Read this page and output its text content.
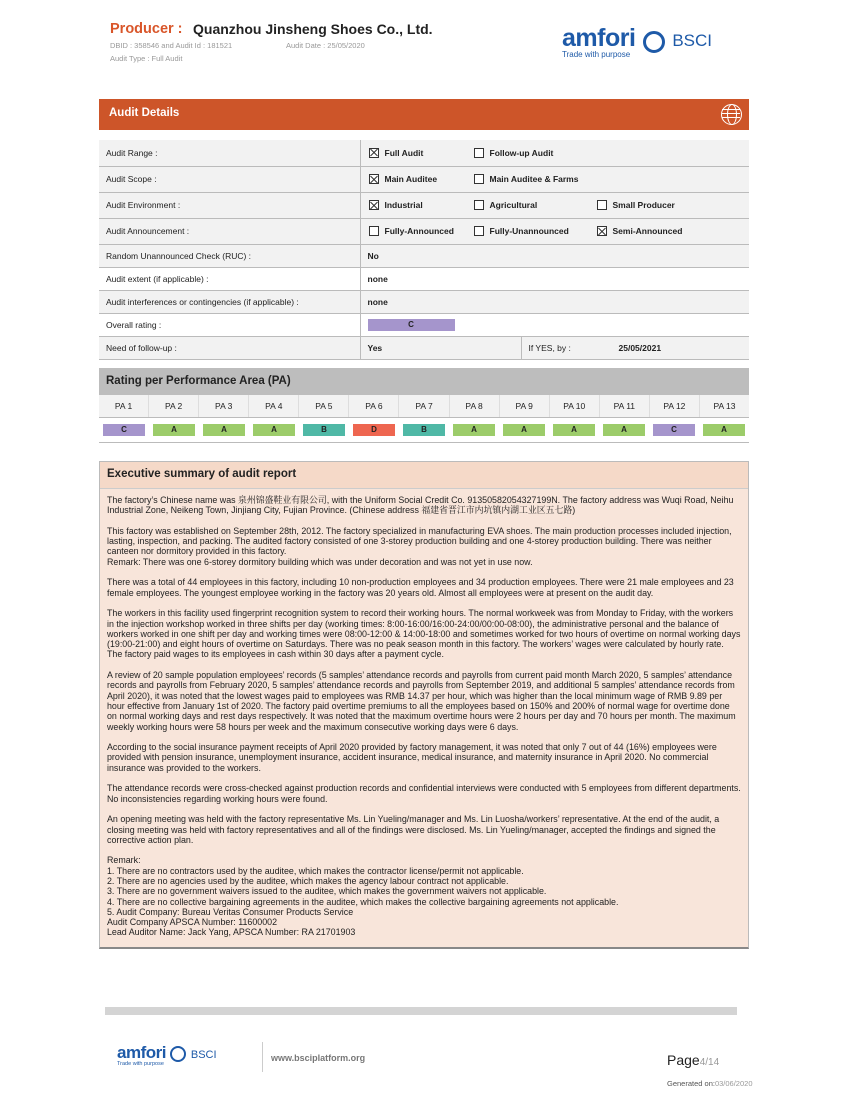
Producer : Quanzhou Jinsheng Shoes Co., Ltd.
DBID : 358546 and Audit Id : 181521	Audit Date : 25/05/2020
Audit Type : Full Audit
amfori BSCI
Trade with purpose
Audit Details
Audit Range :	Full Audit Follow-up Audit

Audit Scope :	Main Auditee Main Auditee & Farms

Audit Environment :	Industrial Agricultural Small Producer

Audit Announcement :	Fully-Announced Fully-Unannounced Semi-Announced

Random Unannounced Check (RUC) :	No
Audit extent (if applicable) :	none
Audit interferences or contingencies (if applicable) :	none
Overall rating :	C
Need of follow-up :	Yes If YES, by : 25/05/2021
Rating per Performance Area (PA)
PA 1	PA 2	PA 3	PA 4	PA 5	PA 6	PA 7	PA 8	PA 9	PA 10	PA 11	PA 12	PA 13
C	A	A	A	B	D	B	A	A	A	A	C	A
Executive summary of audit report

The factory’s Chinese name was 泉州锦盛鞋业有限公司, with the Uniform Social Credit Co. 91350582054327199N. The factory address was Wuqi Road, Neihu Industrial Zone, Neikeng Town, Jinjiang City, Fujian Province. (Chinese address 福建省晋江市内坑镇内湖工业区五七路)

This factory was established on September 28th, 2012. The factory specialized in manufacturing EVA shoes. The main production processes included injection, lasting, inspection, and packing. The audited factory consisted of one 3-storey production building and one 4-storey production building. There was neither canteen nor dormitory provided in this factory.
Remark: There was one 6-storey dormitory building which was under decoration and was not yet in use now.

There was a total of 44 employees in this factory, including 10 non-production employees and 34 production employees. There were 21 male employees and 23 female employees. The youngest employee working in the factory was 20 years old. Almost all employees were at present on the audit day.

The workers in this facility used fingerprint recognition system to record their working hours. The normal workweek was from Monday to Friday, with the workers in the injection workshop worked in three shifts per day (working times: 8:00-16:00/16:00-24:00/00:00-08:00), the administrative personal and the balance of workers worked in one shift per day and working times were 08:00-12:00 & 14:00-18:00 and sometimes worked for two hours of overtime on normal working days (19:00-21:00) and eight hours of overtime on Saturdays. There was no peak season month in this factory. The workers’ wages were calculated by hourly rate. The factory paid wages to its employees in cash within 30 days after a payment cycle.

A review of 20 sample population employees’ records (5 samples’ attendance records and payrolls from current paid month March 2020, 5 samples’ attendance records and payrolls from February 2020, 5 samples’ attendance records and payrolls from September 2019, and additional 5 samples’ attendance records from April 2020), it was noted that the lowest wages paid to employees was RMB 14.37 per hour, which was higher than the local minimum wage of RMB 9.89 per hour effective from January 1st of 2020. The factory paid overtime premiums to all the employees based on 150% and 200% of normal wage for overtime done on normal working days and rest days respectively. It was noted that the maximum overtime hours were 2 hours per day and 70 hours per month. The maximum weekly working hours were 58 hours per week and the maximum consecutive working days were 6 days.

According to the social insurance payment receipts of April 2020 provided by factory management, it was noted that only 7 out of 44 (16%) employees were provided with pension insurance, unemployment insurance, accident insurance, medical insurance, and maternity insurance in April 2020. No commercial insurance was provided to the workers.

The attendance records were cross-checked against production records and confidential interviews were conducted with 5 employees from different departments. No inconsistencies regarding working hours were found.

An opening meeting was held with the factory representative Ms. Lin Yueling/manager and Ms. Lin Luosha/workers’ representative. At the end of the audit, a closing meeting was held with factory representatives and all of the findings were disclosed. Ms. Lin Yueling/manager, accepted the findings and signed the corrective action plan.

Remark:
1. There are no contractors used by the auditee, which makes the contractor license/permit not applicable.
2. There are no agencies used by the auditee, which makes the agency labour contract not applicable.
3. There are no government waivers issued to the auditee, which makes the government waivers not applicable.
4. There are no collective bargaining agreements in the auditee, which makes the collective bargaining agreements not applicable.
5. Audit Company: Bureau Veritas Consumer Products Service
Audit Company APSCA Number: 11600002
Lead Auditor Name: Jack Yang, APSCA Number: RA 21701903

amfori BSCI
Trade with purpose
www.bsciplatform.org	Page4/14
Generated on:03/06/2020
